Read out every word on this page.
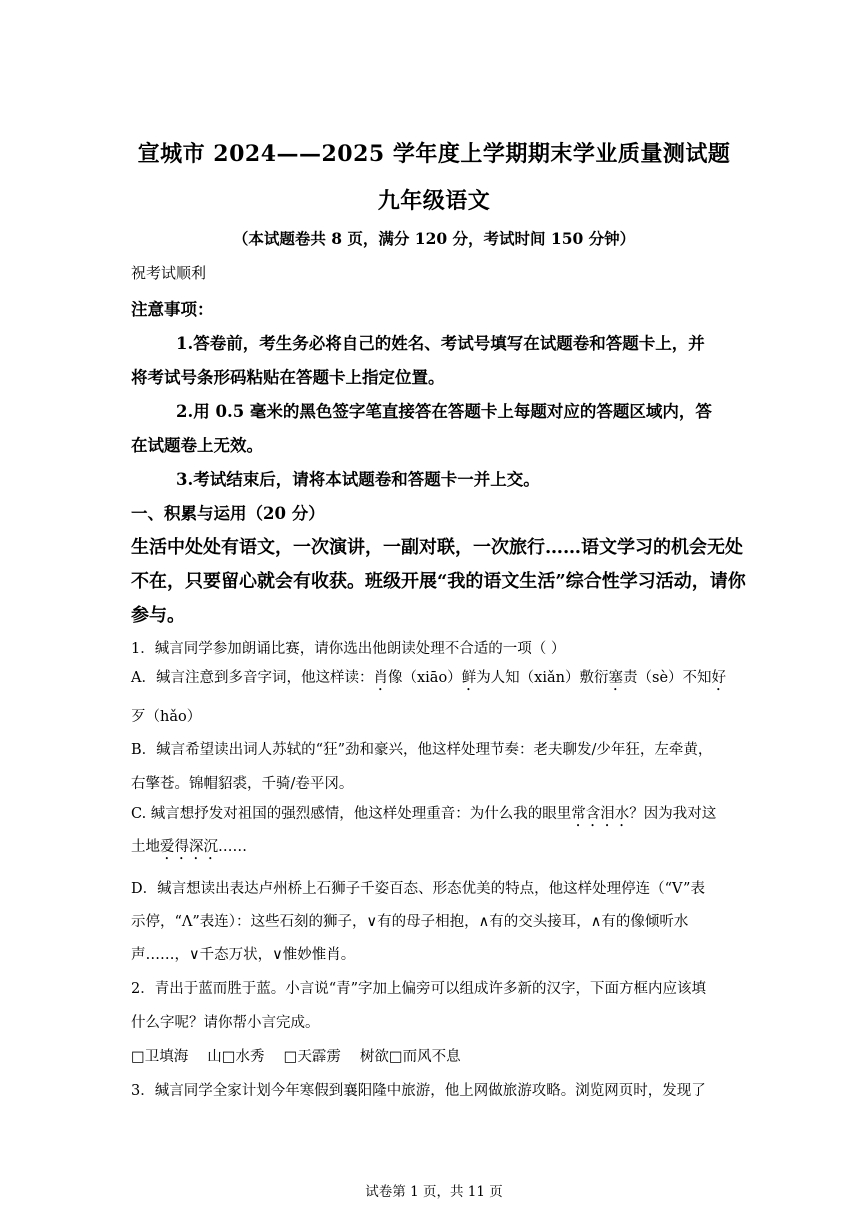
宣城市 2024——2025 学年度上学期期末学业质量测试题
九年级语文
（本试题卷共 8 页，满分 120 分，考试时间 150 分钟）
祝考试顺利
注意事项：
1.答卷前，考生务必将自己的姓名、考试号填写在试题卷和答题卡上，并
将考试号条形码粘贴在答题卡上指定位置。
2.用 0.5 毫米的黑色签字笔直接答在答题卡上每题对应的答题区域内，答
在试题卷上无效。
3.考试结束后，请将本试题卷和答题卡一并上交。
一、积累与运用（20 分）
生活中处处有语文，一次演讲，一副对联，一次旅行……语文学习的机会无处
不在，只要留心就会有收获。班级开展“我的语文生活”综合性学习活动，请你
参与。
1．缄言同学参加朗诵比赛，请你选出他朗读处理不合适的一项（ ）
A．缄言注意到多音字词，他这样读：肖像（xiāo）鲜为人知（xiǎn）敷衍塞责（sè）不知好
歹（hǎo）
B．缄言希望读出词人苏轼的“狂”劲和豪兴，他这样处理节奏：老夫聊发/少年狂，左牵黄，
右擎苍。锦帽貂裘，千骑/卷平冈。
C. 缄言想抒发对祖国的强烈感情，他这样处理重音：为什么我的眼里常含泪水？因为我对这
土地爱得深沉……
D．缄言想读出表达卢州桥上石狮子千姿百态、形态优美的特点，他这样处理停连（“V”表
示停，“Λ”表连）：这些石刻的狮子，∨有的母子相抱，∧有的交头接耳，∧有的像倾听水
声……，∨千态万状，∨惟妙惟肖。
2．青出于蓝而胜于蓝。小言说“青”字加上偏旁可以组成许多新的汉字，下面方框内应该填
什么字呢？请你帮小言完成。
□卫填海　 山□水秀　 □天霹雳　 树欲□而风不息
3．缄言同学全家计划今年寒假到襄阳隆中旅游，他上网做旅游攻略。浏览网页时，发现了
试卷第 1 页，共 11 页
